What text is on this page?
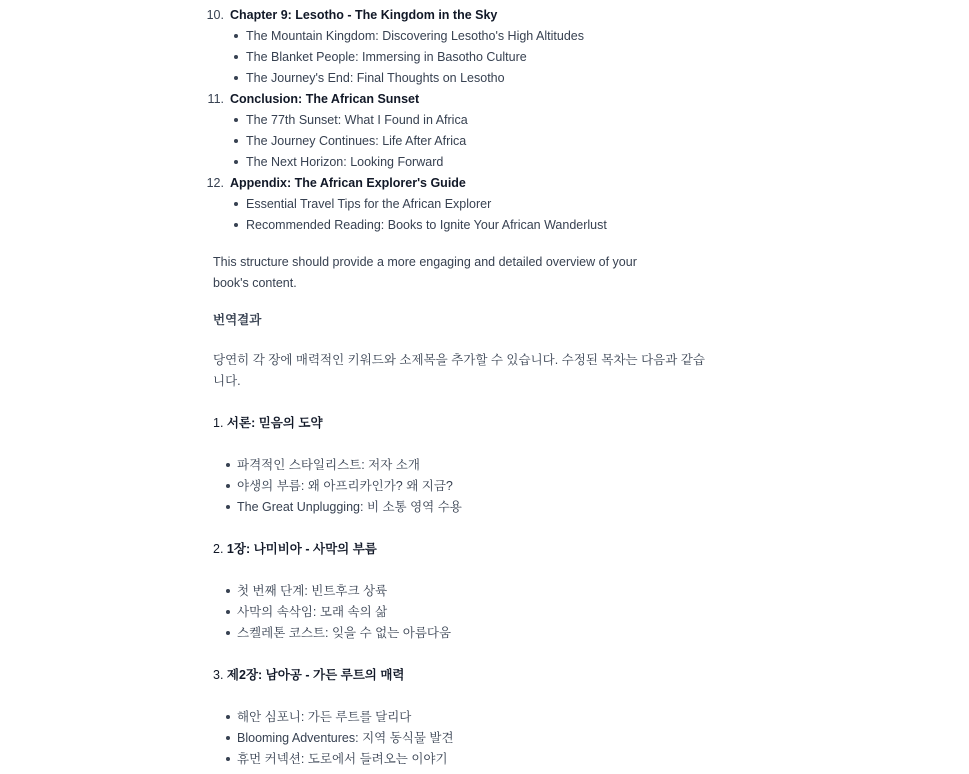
10. Chapter 9: Lesotho - The Kingdom in the Sky
The Mountain Kingdom: Discovering Lesotho's High Altitudes
The Blanket People: Immersing in Basotho Culture
The Journey's End: Final Thoughts on Lesotho
11. Conclusion: The African Sunset
The 77th Sunset: What I Found in Africa
The Journey Continues: Life After Africa
The Next Horizon: Looking Forward
12. Appendix: The African Explorer's Guide
Essential Travel Tips for the African Explorer
Recommended Reading: Books to Ignite Your African Wanderlust
This structure should provide a more engaging and detailed overview of your book's content.
번역결과
당연히 각 장에 매력적인 키워드와 소제목을 추가할 수 있습니다. 수정된 목차는 다음과 같습니다.
1. 서론: 믿음의 도약
파격적인 스타일리스트: 저자 소개
야생의 부름: 왜 아프리카인가? 왜 지금?
The Great Unplugging: 비 소통 영역 수용
2. 1장: 나미비아 - 사막의 부름
첫 번째 단계: 빈트후크 상륙
사막의 속삭임: 모래 속의 삶
스켈레톤 코스트: 잊을 수 없는 아름다움
3. 제2장: 남아공 - 가든 루트의 매력
해안 심포니: 가든 루트를 달리다
Blooming Adventures: 지역 동식물 발견
휴먼 커넥션: 도로에서 들려오는 이야기
